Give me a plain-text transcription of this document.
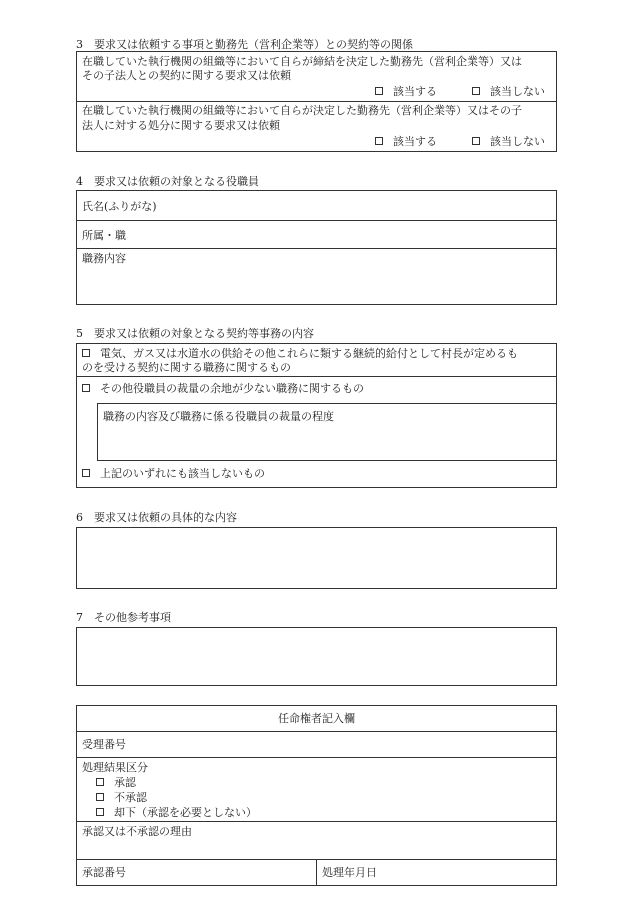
3　要求又は依頼する事項と勤務先（営利企業等）との契約等の関係
在職していた執行機関の組織等において自らが締結を決定した勤務先（営利企業等）又は
その子法人との契約に関する要求又は依頼
該当する	該当しない
在職していた執行機関の組織等において自らが決定した勤務先（営利企業等）又はその子
法人に対する処分に関する要求又は依頼
該当する	該当しない
4　要求又は依頼の対象となる役職員
氏名(ふりがな)
所属・職
職務内容
5　要求又は依頼の対象となる契約等事務の内容
電気、ガス又は水道水の供給その他これらに類する継続的給付として村長が定めるも
のを受ける契約に関する職務に関するもの
その他役職員の裁量の余地が少ない職務に関するもの
職務の内容及び職務に係る役職員の裁量の程度
上記のいずれにも該当しないもの
6　要求又は依頼の具体的な内容
7　その他参考事項
任命権者記入欄
受理番号
処理結果区分
承認
不承認
却下（承認を必要としない）
承認又は不承認の理由
承認番号	処理年月日
